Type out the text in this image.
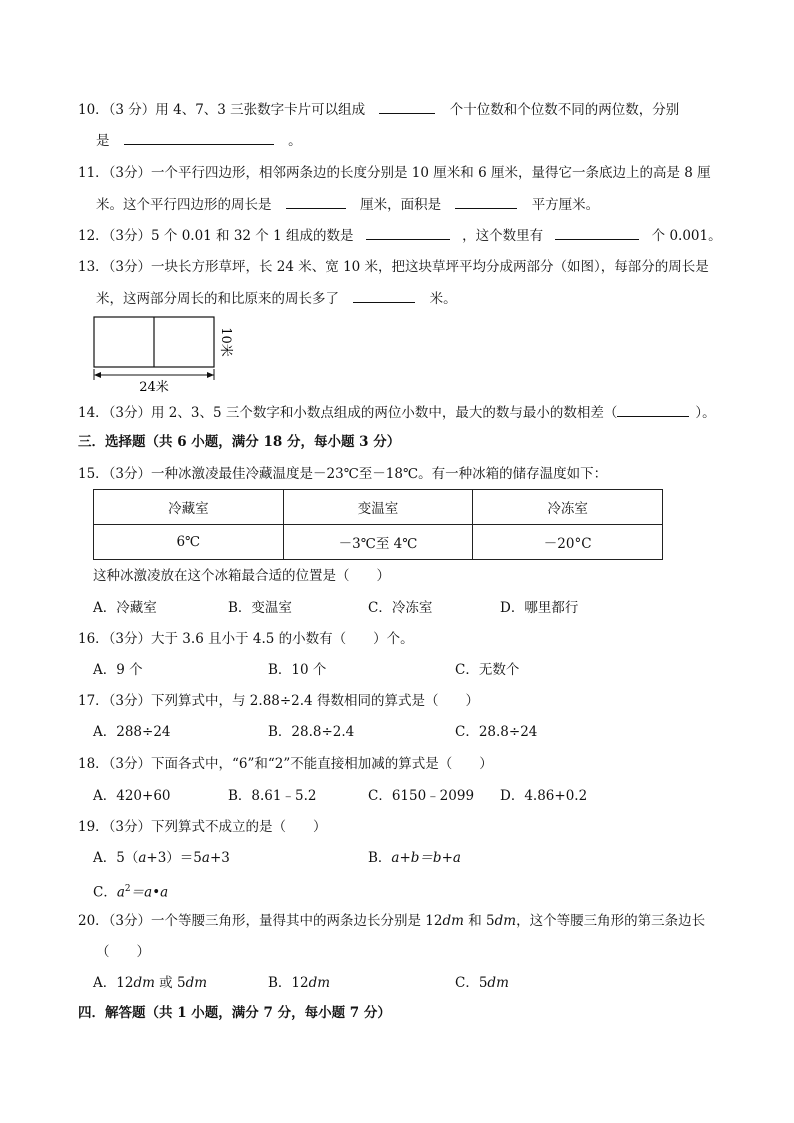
10．（3 分）用 4、7、3 三张数字卡片可以组成	个十位数和个位数不同的两位数，分别
是	。
11．（3分）一个平行四边形，相邻两条边的长度分别是 10 厘米和 6 厘米，量得它一条底边上的高是 8 厘
米。这个平行四边形的周长是	厘米，面积是	平方厘米。
12．（3分）5 个 0.01 和 32 个 1 组成的数是	，这个数里有	个 0.001。
13．（3分）一块长方形草坪，长 24 米、宽 10 米，把这块草坪平均分成两部分（如图），每部分的周长是
米，这两部分周长的和比原来的周长多了	米。
24米
10米
14．（3分）用 2、3、5 三个数字和小数点组成的两位小数中，最大的数与最小的数相差（	）。
三．选择题（共 6 小题，满分 18 分，每小题 3 分）
15．（3分）一种冰激凌最佳冷藏温度是－23℃至－18℃。有一种冰箱的储存温度如下：
冷藏室	变温室	冷冻室
6℃	－3℃至 4℃	－20°C
这种冰激凌放在这个冰箱最合适的位置是（　　）
A．冷藏室	B．变温室	C．冷冻室	D．哪里都行
16．（3分）大于 3.6 且小于 4.5 的小数有（　　）个。
A．9 个	B．10 个	C．无数个
17．（3分）下列算式中，与 2.88÷2.4 得数相同的算式是（　　）
A．288÷24	B．28.8÷2.4	C．28.8÷24
18．（3分）下面各式中，“6”和“2”不能直接相加减的算式是（　　）
A．420+60	B．8.61﹣5.2	C．6150﹣2099 D．4.86+0.2
19．（3分）下列算式不成立的是（　　）
A．5（a+3）＝5a+3	B．a+b＝b+a
C．$a^2=a•a$
20．（3分）一个等腰三角形，量得其中的两条边长分别是 12dm 和 5dm，这个等腰三角形的第三条边长
（　　）
A．12dm 或 5dm	B．12dm	C．5dm
四．解答题（共 1 小题，满分 7 分，每小题 7 分）
